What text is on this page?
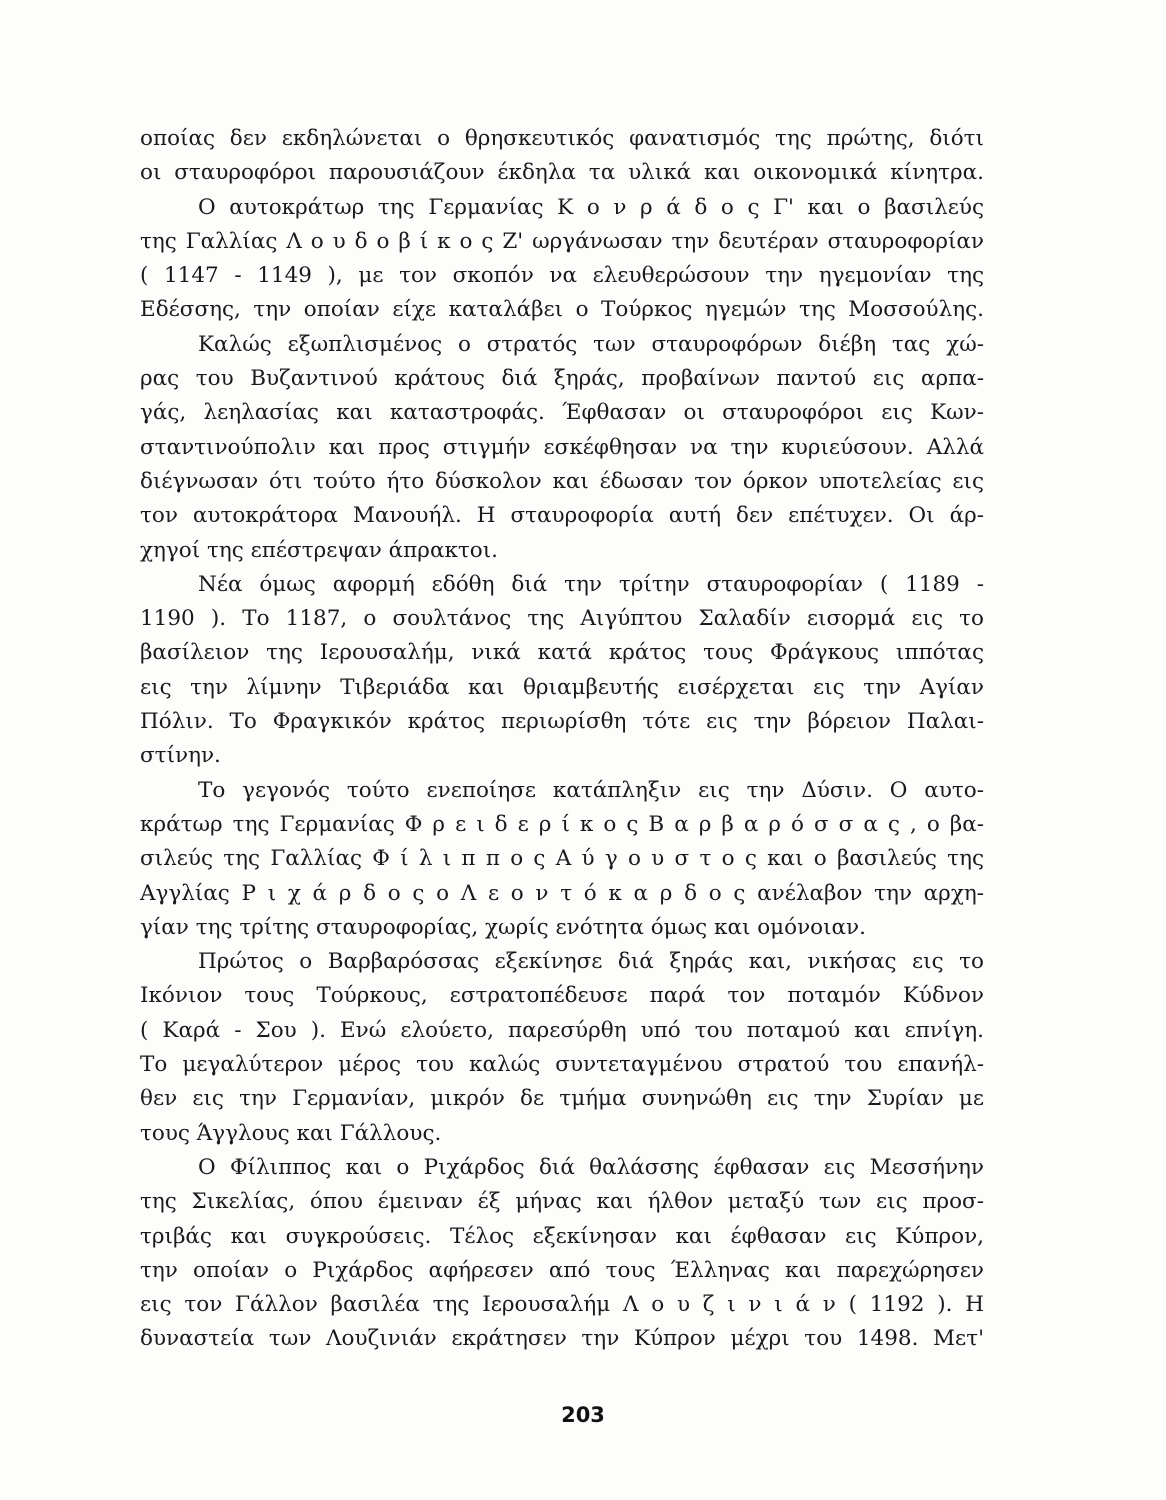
οποίας δεν εκδηλώνεται ο θρησκευτικός φανατισμός της πρώτης, διότι
οι σταυροφόροι παρουσιάζουν έκδηλα τα υλικά και οικονομικά κίνητρα.
Ο αυτοκράτωρ της Γερμανίας Κ ο ν ρ ά δ ο ς Γ' και ο βασιλεύς
της Γαλλίας Λ ο υ δ ο β ί κ ο ς Ζ' ωργάνωσαν την δευτέραν σταυροφορίαν
( 1147 - 1149 ), με τον σκοπόν να ελευθερώσουν την ηγεμονίαν της
Εδέσσης, την οποίαν είχε καταλάβει ο Τούρκος ηγεμών της Μοσσούλης.
Καλώς εξωπλισμένος ο στρατός των σταυροφόρων διέβη τας χώ-
ρας του Βυζαντινού κράτους διά ξηράς, προβαίνων παντού εις αρπα-
γάς, λεηλασίας και καταστροφάς. Έφθασαν οι σταυροφόροι εις Κων-
σταντινούπολιν και προς στιγμήν εσκέφθησαν να την κυριεύσουν. Αλλά
διέγνωσαν ότι τούτο ήτο δύσκολον και έδωσαν τον όρκον υποτελείας εις
τον αυτοκράτορα Μανουήλ. Η σταυροφορία αυτή δεν επέτυχεν. Οι άρ-
χηγοί της επέστρεψαν άπρακτοι.
Νέα όμως αφορμή εδόθη διά την τρίτην σταυροφορίαν ( 1189 -
1190 ). Το 1187, ο σουλτάνος της Αιγύπτου Σαλαδίν εισορμά εις το
βασίλειον της Ιερουσαλήμ, νικά κατά κράτος τους Φράγκους ιππότας
εις την λίμνην Τιβεριάδα και θριαμβευτής εισέρχεται εις την Αγίαν
Πόλιν. Το Φραγκικόν κράτος περιωρίσθη τότε εις την βόρειον Παλαι-
στίνην.
Το γεγονός τούτο ενεποίησε κατάπληξιν εις την Δύσιν. Ο αυτο-
κράτωρ της Γερμανίας Φ ρ ε ι δ ε ρ ί κ ο ς Β α ρ β α ρ ό σ σ α ς , ο βα-
σιλεύς της Γαλλίας Φ ί λ ι π π ο ς Α ύ γ ο υ σ τ ο ς και ο βασιλεύς της
Αγγλίας Ρ ι χ ά ρ δ ο ς ο Λ ε ο ν τ ό κ α ρ δ ο ς ανέλαβον την αρχη-
γίαν της τρίτης σταυροφορίας, χωρίς ενότητα όμως και ομόνοιαν.
Πρώτος ο Βαρβαρόσσας εξεκίνησε διά ξηράς και, νικήσας εις το
Ικόνιον τους Τούρκους, εστρατοπέδευσε παρά τον ποταμόν Κύδνον
( Καρά - Σου ). Ενώ ελούετο, παρεσύρθη υπό του ποταμού και επνίγη.
Το μεγαλύτερον μέρος του καλώς συντεταγμένου στρατού του επανήλ-
θεν εις την Γερμανίαν, μικρόν δε τμήμα συνηνώθη εις την Συρίαν με
τους Άγγλους και Γάλλους.
Ο Φίλιππος και ο Ριχάρδος διά θαλάσσης έφθασαν εις Μεσσήνην
της Σικελίας, όπου έμειναν έξ μήνας και ήλθον μεταξύ των εις προσ-
τριβάς και συγκρούσεις. Τέλος εξεκίνησαν και έφθασαν εις Κύπρον,
την οποίαν ο Ριχάρδος αφήρεσεν από τους Έλληνας και παρεχώρησεν
εις τον Γάλλον βασιλέα της Ιερουσαλήμ Λ ο υ ζ ι ν ι ά ν ( 1192 ). Η
δυναστεία των Λουζινιάν εκράτησεν την Κύπρον μέχρι του 1498. Μετ'
203
